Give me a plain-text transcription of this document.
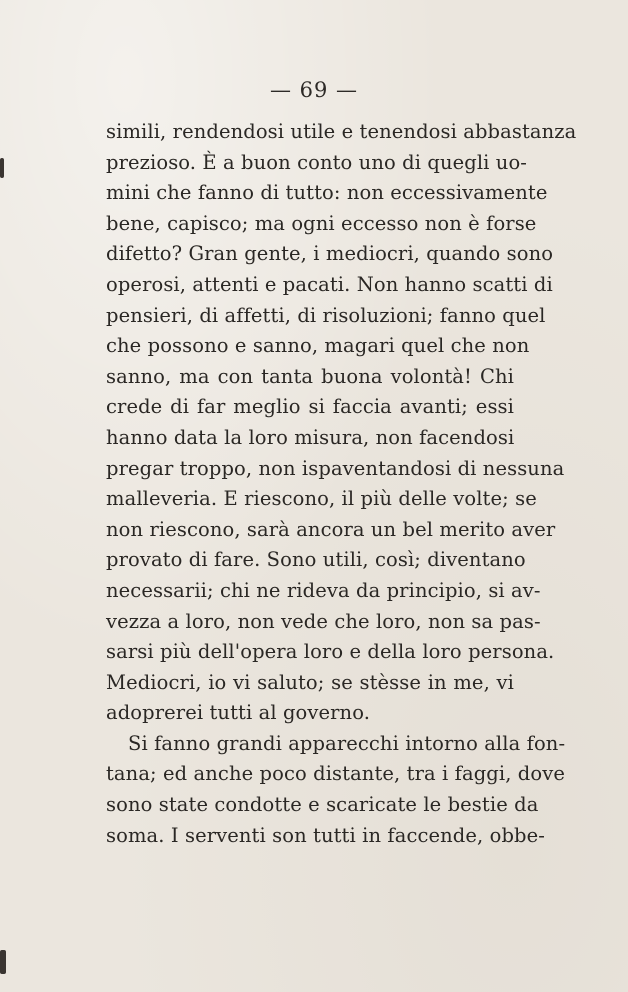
— 69 —
simili, rendendosi utile e tenendosi abbastanza
prezioso. È a buon conto uno di quegli uo-
mini che fanno di tutto: non eccessivamente
bene, capisco; ma ogni eccesso non è forse
difetto? Gran gente, i mediocri, quando sono
operosi, attenti e pacati. Non hanno scatti di
pensieri, di affetti, di risoluzioni; fanno quel
che possono e sanno, magari quel che non
sanno, ma con tanta buona volontà! Chi
crede di far meglio si faccia avanti; essi
hanno data la loro misura, non facendosi
pregar troppo, non ispaventandosi di nessuna
malleveria. E riescono, il più delle volte; se
non riescono, sarà ancora un bel merito aver
provato di fare. Sono utili, così; diventano
necessarii; chi ne rideva da principio, si av-
vezza a loro, non vede che loro, non sa pas-
sarsi più dell'opera loro e della loro persona.
Mediocri, io vi saluto; se stèsse in me, vi
adoprerei tutti al governo.
Si fanno grandi apparecchi intorno alla fon-
tana; ed anche poco distante, tra i faggi, dove
sono state condotte e scaricate le bestie da
soma. I serventi son tutti in faccende, obbe-
